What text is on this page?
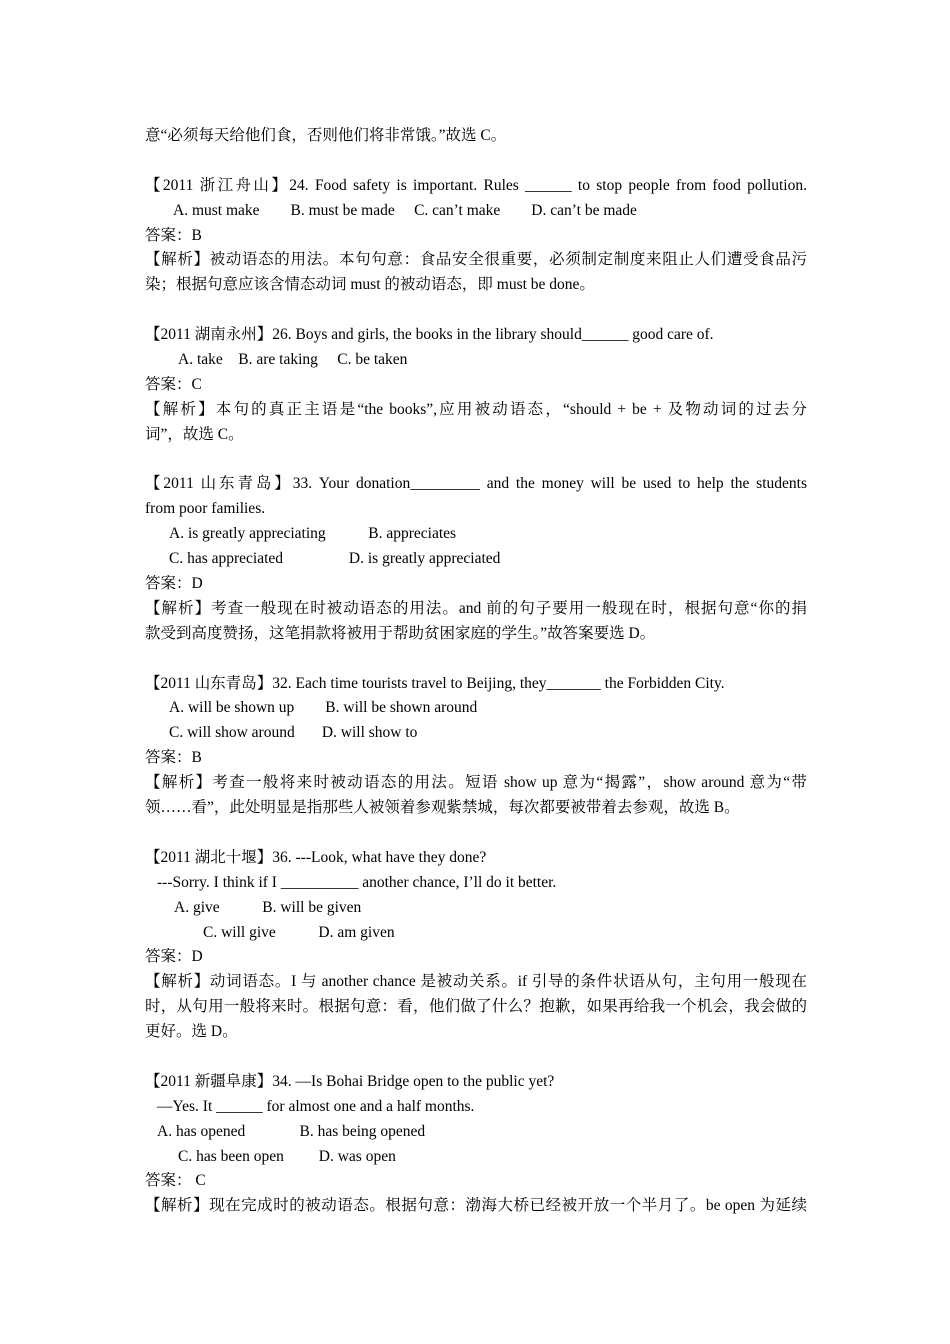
意“必须每天给他们食，否则他们将非常饿。”故选 C。
【2011 浙江舟山】24. Food safety is important. Rules ______ to stop people from food pollution.
A. must make        B. must be made     C. can’t make        D. can’t be made
答案：B
【解析】被动语态的用法。本句句意：食品安全很重要，必须制定制度来阻止人们遭受食品污
染；根据句意应该含情态动词 must 的被动语态，即 must be done。
【2011 湖南永州】26. Boys and girls, the books in the library should______ good care of.
A. take    B. are taking     C. be taken
答案：C
【解析】本句的真正主语是“the books”,应用被动语态，“should + be + 及物动词的过去分
词”，故选 C。
【2011 山东青岛】33. Your donation_________ and the money will be used to help the students
from poor families.
A. is greatly appreciating           B. appreciates
C. has appreciated                 D. is greatly appreciated
答案：D
【解析】考查一般现在时被动语态的用法。and 前的句子要用一般现在时，根据句意“你的捐
款受到高度赞扬，这笔捐款将被用于帮助贫困家庭的学生。”故答案要选 D。
【2011 山东青岛】32. Each time tourists travel to Beijing, they_______ the Forbidden City.
A. will be shown up        B. will be shown around
C. will show around       D. will show to
答案：B
【解析】考查一般将来时被动语态的用法。短语 show up 意为“揭露”，show around 意为“带
领……看”，此处明显是指那些人被领着参观紫禁城，每次都要被带着去参观，故选 B。
【2011 湖北十堰】36. ---Look, what have they done?
---Sorry. I think if I __________ another chance, I’ll do it better.
A. give           B. will be given
C. will give           D. am given
答案：D
【解析】动词语态。I 与 another chance 是被动关系。if 引导的条件状语从句，主句用一般现在
时，从句用一般将来时。根据句意：看，他们做了什么？抱歉，如果再给我一个机会，我会做的
更好。选 D。
【2011 新疆阜康】34. —Is Bohai Bridge open to the public yet?
—Yes. It ______ for almost one and a half months.
A. has opened              B. has being opened
C. has been open         D. was open
答案： C
【解析】现在完成时的被动语态。根据句意：渤海大桥已经被开放一个半月了。be open 为延续
